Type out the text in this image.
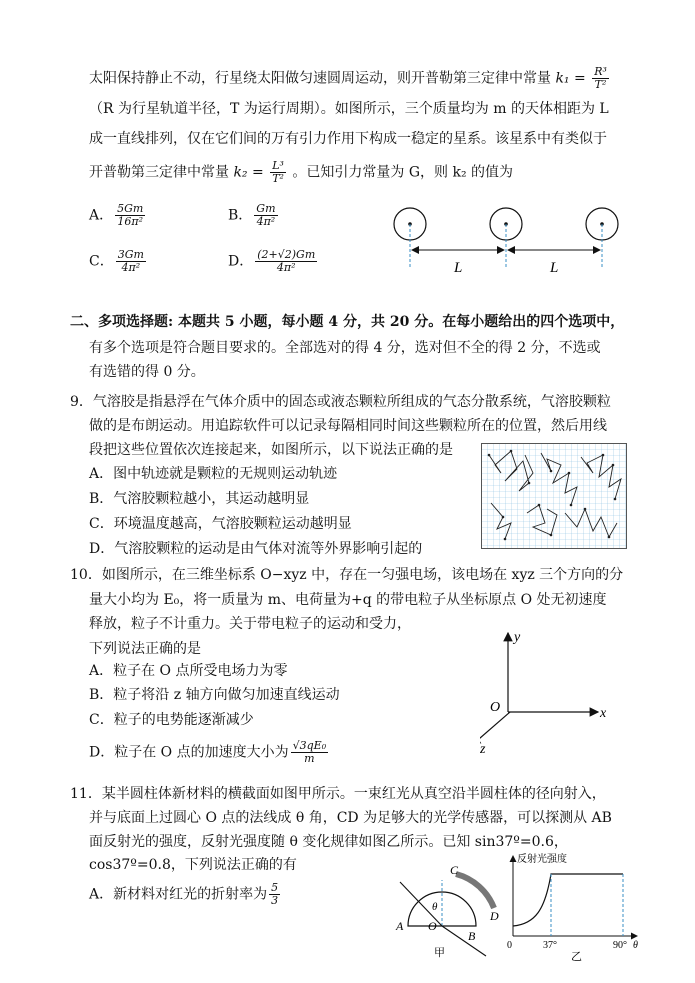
太阳保持静止不动，行星绕太阳做匀速圆周运动，则开普勒第三定律中常量 $k_1 = \frac{\text{R³}}{\text{T²}}$
（R 为行星轨道半径，T 为运行周期）。如图所示，三个质量均为 m 的天体相距为 L
成一直线排列，仅在它们间的万有引力作用下构成一稳定的星系。该星系中有类似于
开普勒第三定律中常量 $k_2 = \frac{\text{L³}}{\text{T²}}$ 。已知引力常量为 G，则 k₂ 的值为
A． $\frac{5Gm}{\text{16π²}}$	B． $\frac{Gm}{\text{4π²}}$
C． $\frac{3Gm}{\text{4π²}}$	D． $\frac{(2+√2)Gm}{\text{4π²}}$	L	L
二、多项选择题: 本题共 5 小题，每小题 4 分，共 20 分。在每小题给出的四个选项中，
有多个选项是符合题目要求的。全部选对的得 4 分，选对但不全的得 2 分，不选或
有选错的得 0 分。
9．气溶胶是指悬浮在气体介质中的固态或液态颗粒所组成的气态分散系统，气溶胶颗粒
做的是布朗运动。用追踪软件可以记录每隔相同时间这些颗粒所在的位置，然后用线
段把这些位置依次连接起来，如图所示，以下说法正确的是
A．图中轨迹就是颗粒的无规则运动轨迹
B．气溶胶颗粒越小，其运动越明显
C．环境温度越高，气溶胶颗粒运动越明显
D．气溶胶颗粒的运动是由气体对流等外界影响引起的
10．如图所示，在三维坐标系 O−xyz 中，存在一匀强电场，该电场在 xyz 三个方向的分
量大小均为 E₀，将一质量为 m、电荷量为+q 的带电粒子从坐标原点 O 处无初速度
释放，粒子不计重力。关于带电粒子的运动和受力，
下列说法正确的是
A．粒子在 O 点所受电场力为零
B．粒子将沿 z 轴方向做匀加速直线运动
C．粒子的电势能逐渐减少
D．粒子在 O 点的加速度大小为 $\frac{\text{√3qE₀}}{m}$
y
x
z
O
11．某半圆柱体新材料的横截面如图甲所示。一束红光从真空沿半圆柱体的径向射入，
并与底面上过圆心 O 点的法线成 θ 角，CD 为足够大的光学传感器，可以探测从 AB
面反射光的强度，反射光强度随 θ 变化规律如图乙所示。已知 sin37º=0.6，
cos37º=0.8，下列说法正确的有
A．新材料对红光的折射率为 $\frac{5}{3}$
C
D
A O
B
θ
甲
反射光强度
0	37°	90° θ
乙
